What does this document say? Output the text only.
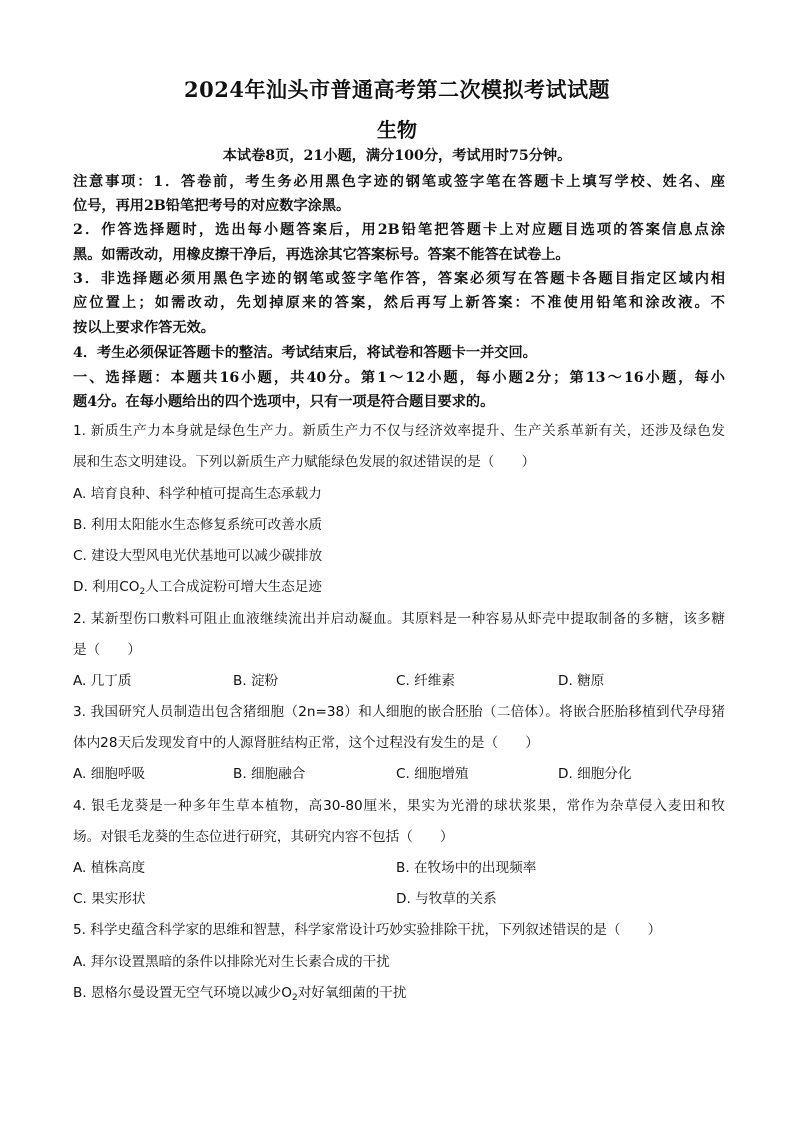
2024年汕头市普通高考第二次模拟考试试题
生物
本试卷8页，21小题，满分100分，考试用时75分钟。
注意事项：1．答卷前，考生务必用黑色字迹的钢笔或签字笔在答题卡上填写学校、姓名、座
位号，再用2B铅笔把考号的对应数字涂黑。
2．作答选择题时，选出每小题答案后，用2B铅笔把答题卡上对应题目选项的答案信息点涂
黑。如需改动，用橡皮擦干净后，再选涂其它答案标号。答案不能答在试卷上。
3．非选择题必须用黑色字迹的钢笔或签字笔作答，答案必须写在答题卡各题目指定区域内相
应位置上；如需改动，先划掉原来的答案，然后再写上新答案：不准使用铅笔和涂改液。不
按以上要求作答无效。
4．考生必须保证答题卡的整洁。考试结束后，将试卷和答题卡一并交回。
一、选择题：本题共16小题，共40分。第1～12小题，每小题2分；第13～16小题，每小
题4分。在每小题给出的四个选项中，只有一项是符合题目要求的。
1. 新质生产力本身就是绿色生产力。新质生产力不仅与经济效率提升、生产关系革新有关，还涉及绿色发
展和生态文明建设。下列以新质生产力赋能绿色发展的叙述错误的是（　　）
A. 培育良种、科学种植可提高生态承载力
B. 利用太阳能水生态修复系统可改善水质
C. 建设大型风电光伏基地可以减少碳排放
D. 利用$CO_2$人工合成淀粉可增大生态足迹
2. 某新型伤口敷料可阻止血液继续流出并启动凝血。其原料是一种容易从虾壳中提取制备的多糖，该多糖
是（　　）
A. 几丁质	B. 淀粉	C. 纤维素	D. 糖原
3. 我国研究人员制造出包含猪细胞（2n=38）和人细胞的嵌合胚胎（二倍体）。将嵌合胚胎移植到代孕母猪
体内28天后发现发育中的人源肾脏结构正常，这个过程没有发生的是（　　）
A. 细胞呼吸	B. 细胞融合	C. 细胞增殖	D. 细胞分化
4. 银毛龙葵是一种多年生草本植物，高30-80厘米，果实为光滑的球状浆果，常作为杂草侵入麦田和牧
场。对银毛龙葵的生态位进行研究，其研究内容不包括（　　）
A. 植株高度	B. 在牧场中的出现频率
C. 果实形状	D. 与牧草的关系
5. 科学史蕴含科学家的思维和智慧，科学家常设计巧妙实验排除干扰，下列叙述错误的是（　　）
A. 拜尔设置黑暗的条件以排除光对生长素合成的干扰
B. 恩格尔曼设置无空气环境以减少$O_2$对好氧细菌的干扰
